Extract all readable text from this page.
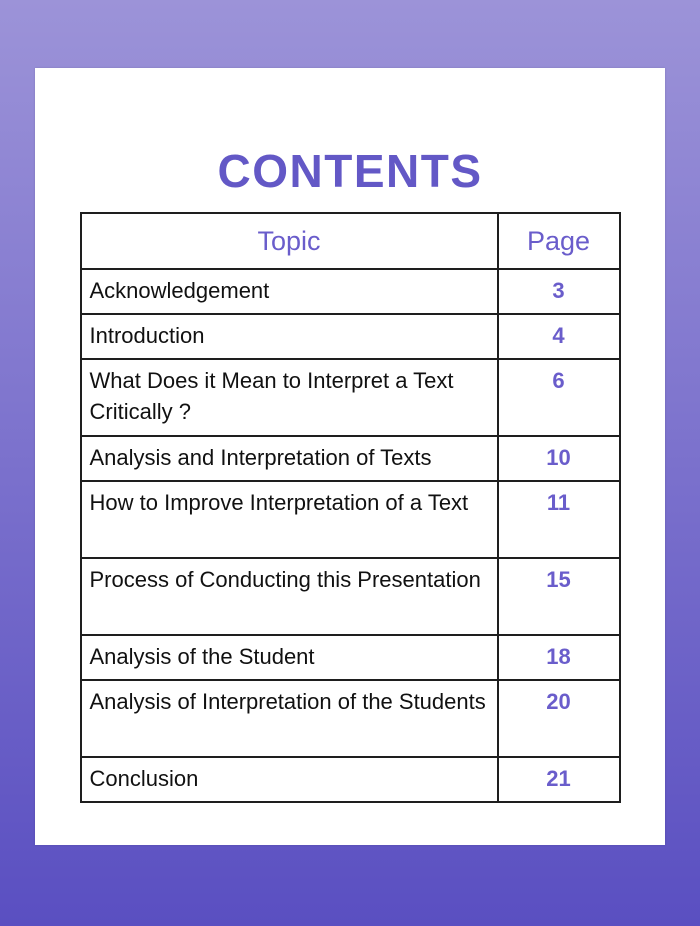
CONTENTS
Topic	Page
Acknowledgement	3
Introduction	4
What Does it Mean to Interpret a Text Critically ?	6
Analysis and Interpretation of Texts	10
How to Improve Interpretation of a Text	11
Process of Conducting this Presentation	15
Analysis of the Student	18
Analysis of Interpretation of the Students	20
Conclusion	21
